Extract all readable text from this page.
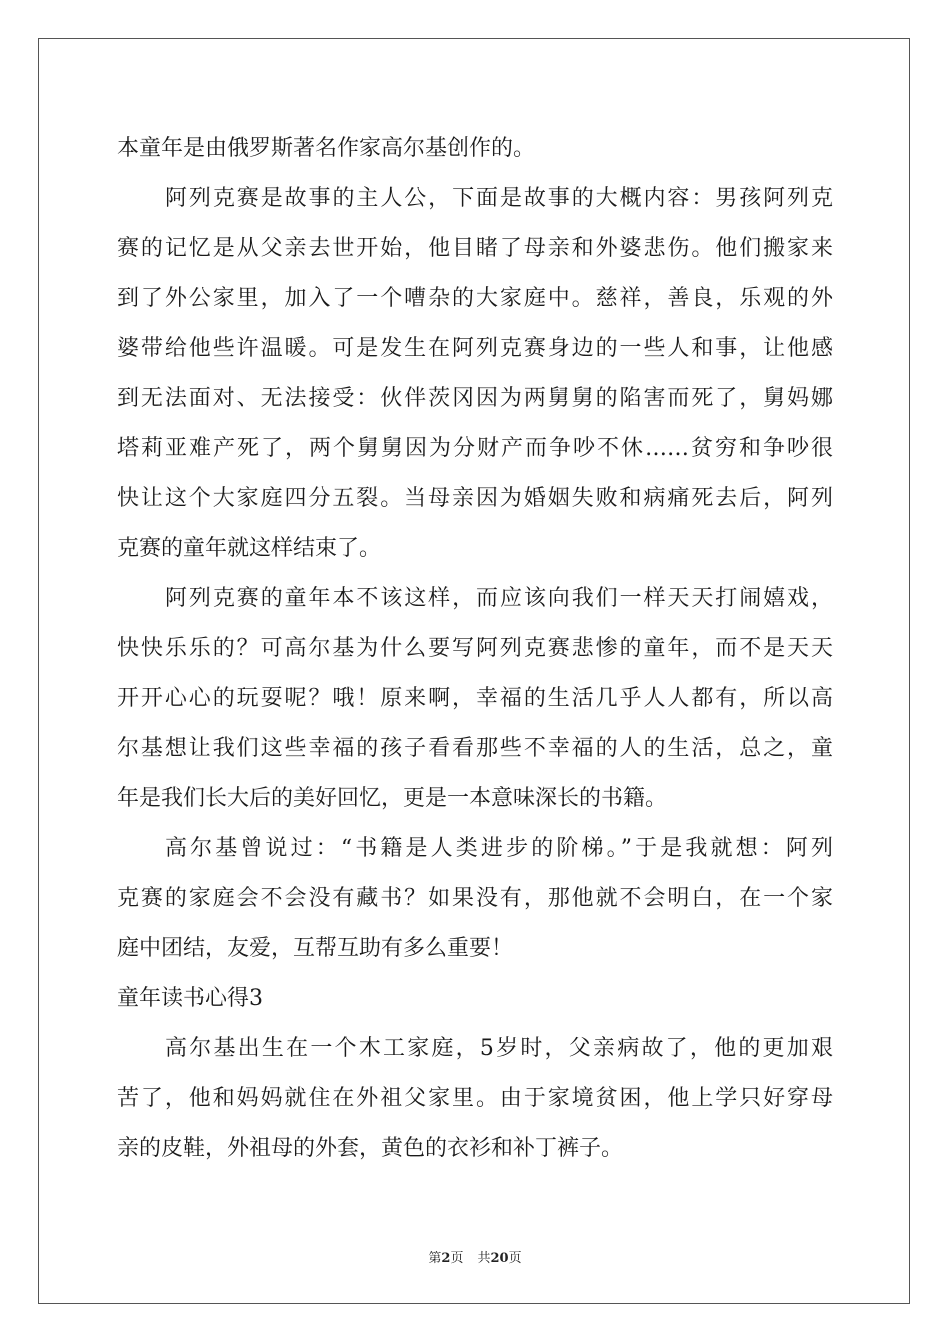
本童年是由俄罗斯著名作家高尔基创作的。
阿列克赛是故事的主人公，下面是故事的大概内容：男孩阿列克
赛的记忆是从父亲去世开始，他目睹了母亲和外婆悲伤。他们搬家来
到了外公家里，加入了一个嘈杂的大家庭中。慈祥，善良，乐观的外
婆带给他些许温暖。可是发生在阿列克赛身边的一些人和事，让他感
到无法面对、无法接受：伙伴茨冈因为两舅舅的陷害而死了，舅妈娜
塔莉亚难产死了，两个舅舅因为分财产而争吵不休……贫穷和争吵很
快让这个大家庭四分五裂。当母亲因为婚姻失败和病痛死去后，阿列
克赛的童年就这样结束了。
阿列克赛的童年本不该这样，而应该向我们一样天天打闹嬉戏，
快快乐乐的？可高尔基为什么要写阿列克赛悲惨的童年，而不是天天
开开心心的玩耍呢？哦！原来啊，幸福的生活几乎人人都有，所以高
尔基想让我们这些幸福的孩子看看那些不幸福的人的生活，总之，童
年是我们长大后的美好回忆，更是一本意味深长的书籍。
高尔基曾说过：“书籍是人类进步的阶梯。”于是我就想：阿列
克赛的家庭会不会没有藏书？如果没有，那他就不会明白，在一个家
庭中团结，友爱，互帮互助有多么重要！
童年读书心得3
高尔基出生在一个木工家庭，5岁时，父亲病故了，他的更加艰
苦了，他和妈妈就住在外祖父家里。由于家境贫困，他上学只好穿母
亲的皮鞋，外祖母的外套，黄色的衣衫和补丁裤子。
第2页 共20页
